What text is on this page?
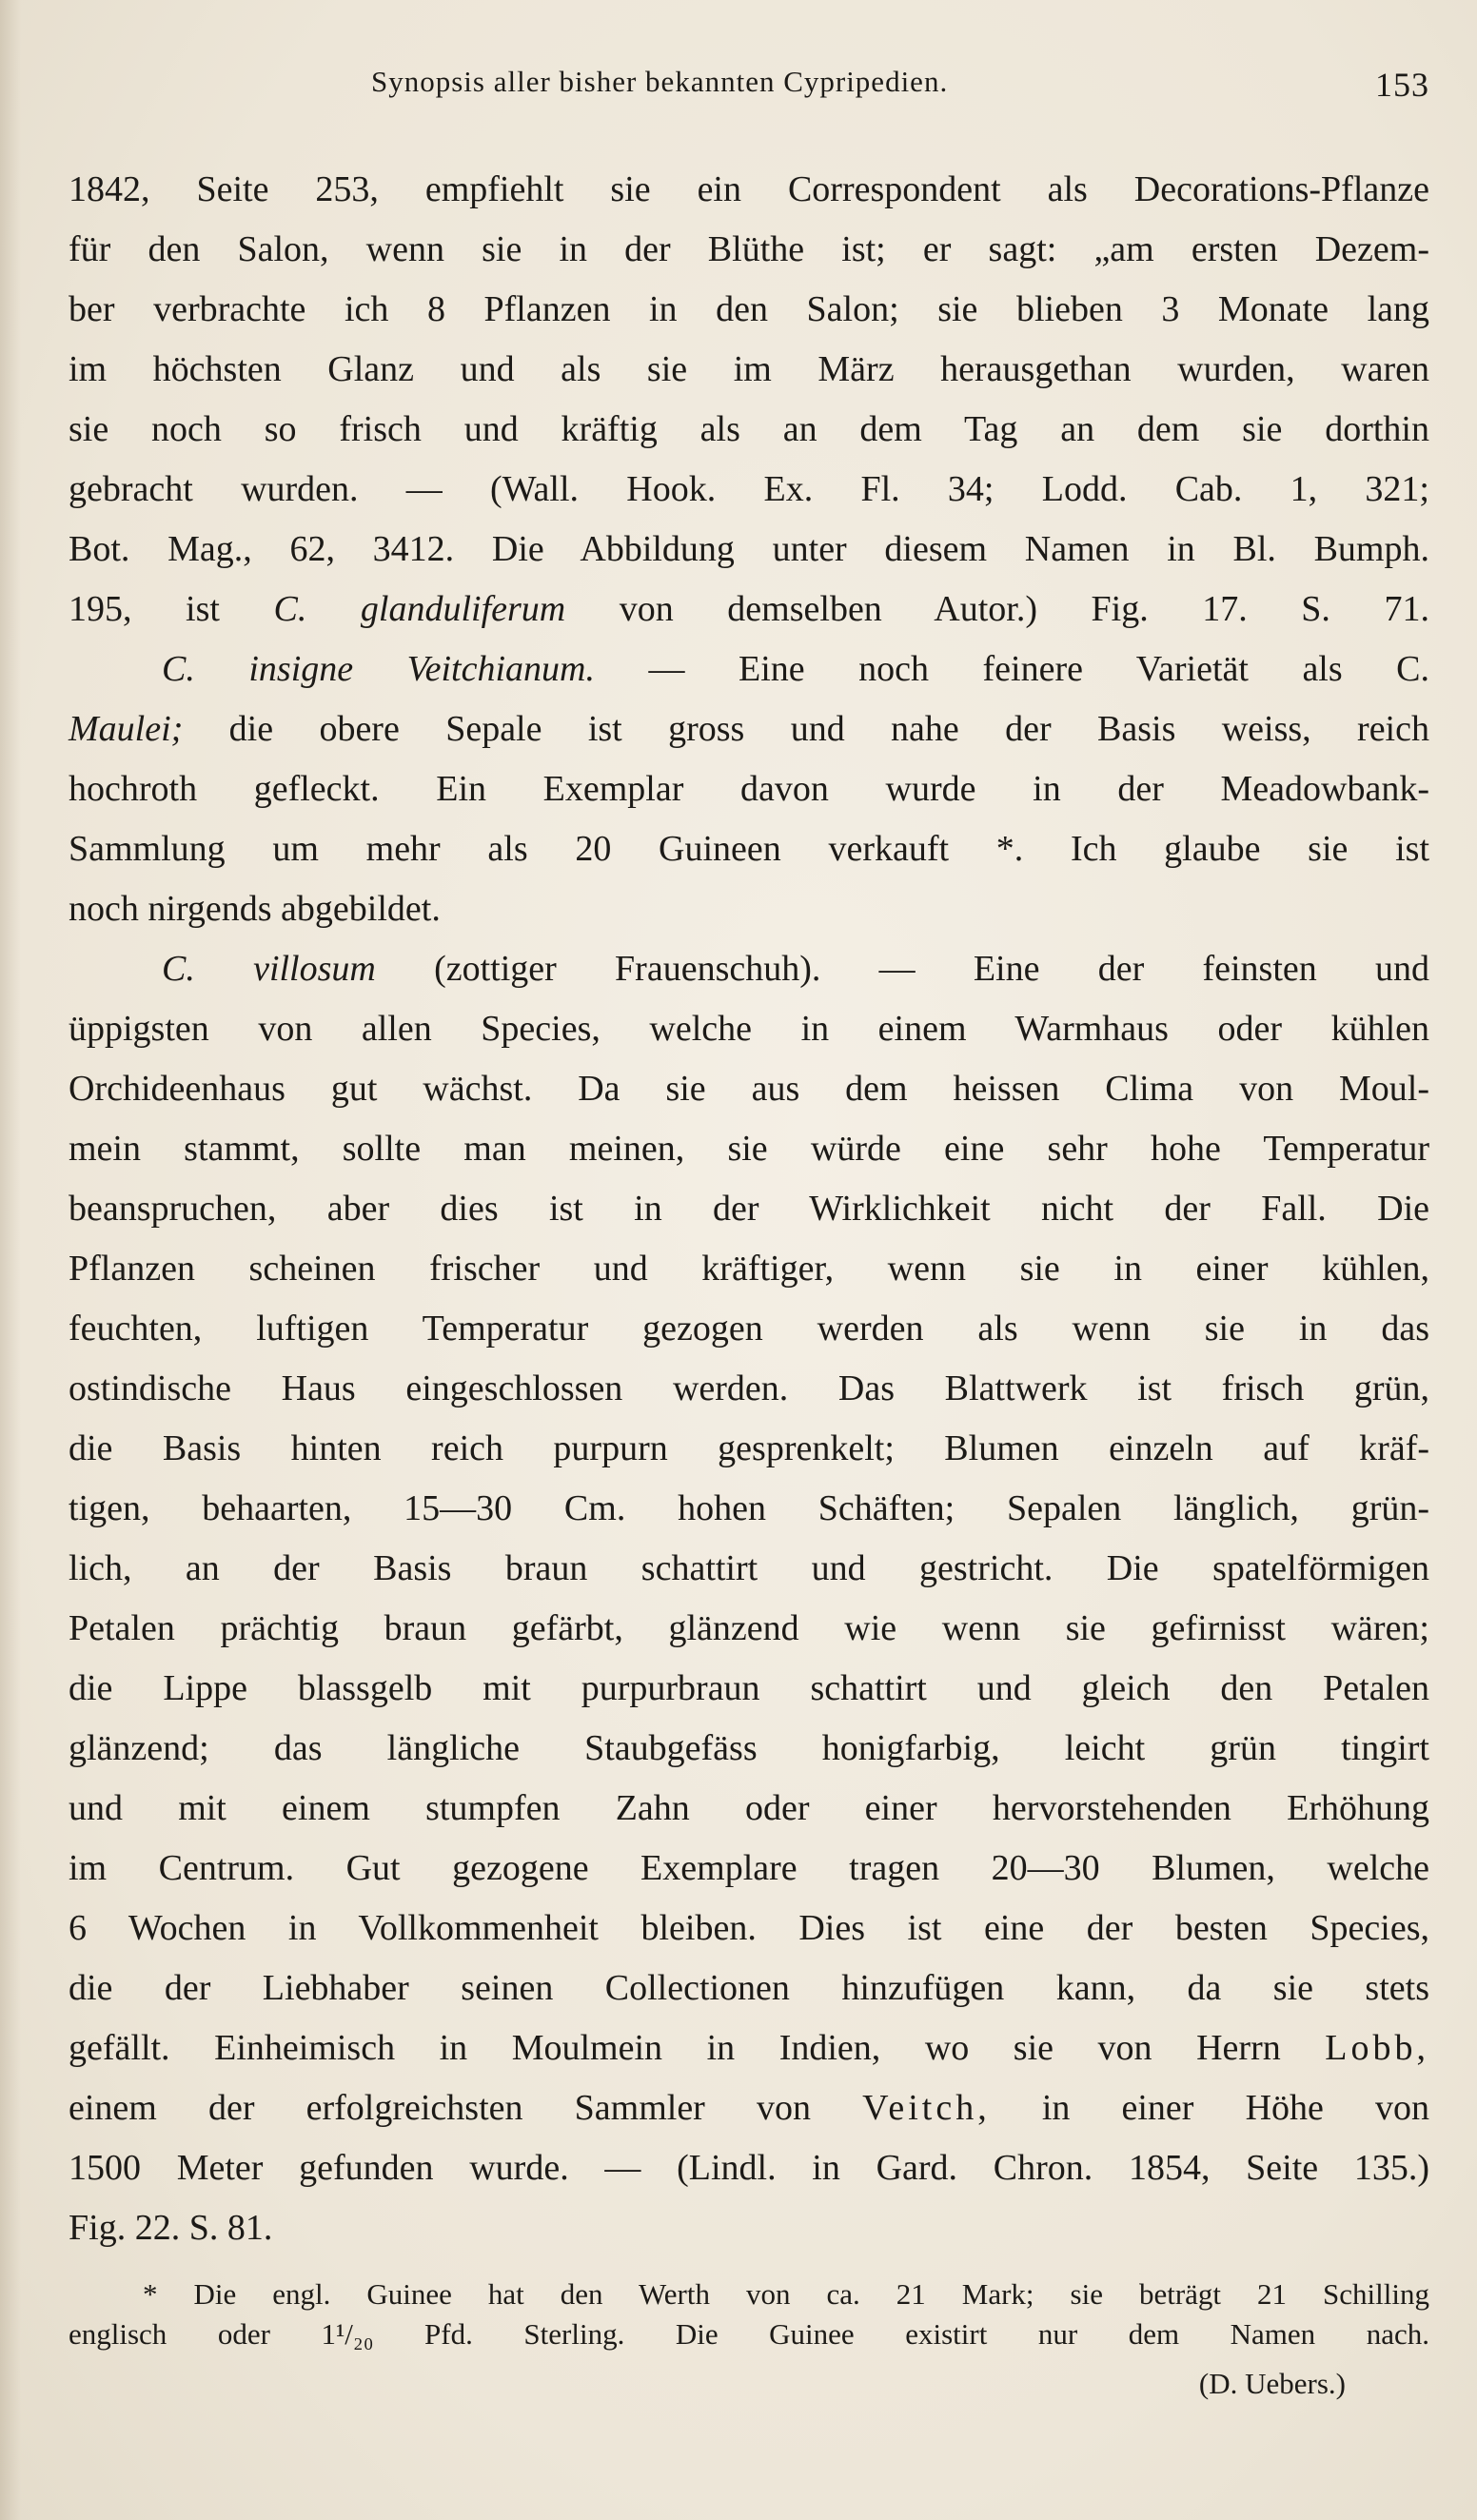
Synopsis aller bisher bekannten Cypripedien.	153
1842, Seite 253, empfiehlt sie ein Correspondent als Decorations-Pflanze
für den Salon, wenn sie in der Blüthe ist; er sagt: „am ersten Dezem-
ber verbrachte ich 8 Pflanzen in den Salon; sie blieben 3 Monate lang
im höchsten Glanz und als sie im März herausgethan wurden, waren
sie noch so frisch und kräftig als an dem Tag an dem sie dorthin
gebracht wurden. — (Wall. Hook. Ex. Fl. 34; Lodd. Cab. 1, 321;
Bot. Mag., 62, 3412. Die Abbildung unter diesem Namen in Bl. Bumph.
195, ist C. glanduliferum von demselben Autor.) Fig. 17. S. 71.
C. insigne Veitchianum. — Eine noch feinere Varietät als C.
Maulei; die obere Sepale ist gross und nahe der Basis weiss, reich
hochroth gefleckt. Ein Exemplar davon wurde in der Meadowbank-
Sammlung um mehr als 20 Guineen verkauft *. Ich glaube sie ist
noch nirgends abgebildet.
C. villosum (zottiger Frauenschuh). — Eine der feinsten und
üppigsten von allen Species, welche in einem Warmhaus oder kühlen
Orchideenhaus gut wächst. Da sie aus dem heissen Clima von Moul-
mein stammt, sollte man meinen, sie würde eine sehr hohe Temperatur
beanspruchen, aber dies ist in der Wirklichkeit nicht der Fall. Die
Pflanzen scheinen frischer und kräftiger, wenn sie in einer kühlen,
feuchten, luftigen Temperatur gezogen werden als wenn sie in das
ostindische Haus eingeschlossen werden. Das Blattwerk ist frisch grün,
die Basis hinten reich purpurn gesprenkelt; Blumen einzeln auf kräf-
tigen, behaarten, 15—30 Cm. hohen Schäften; Sepalen länglich, grün-
lich, an der Basis braun schattirt und gestricht. Die spatelförmigen
Petalen prächtig braun gefärbt, glänzend wie wenn sie gefirnisst wären;
die Lippe blassgelb mit purpurbraun schattirt und gleich den Petalen
glänzend; das längliche Staubgefäss honigfarbig, leicht grün tingirt
und mit einem stumpfen Zahn oder einer hervorstehenden Erhöhung
im Centrum. Gut gezogene Exemplare tragen 20—30 Blumen, welche
6 Wochen in Vollkommenheit bleiben. Dies ist eine der besten Species,
die der Liebhaber seinen Collectionen hinzufügen kann, da sie stets
gefällt. Einheimisch in Moulmein in Indien, wo sie von Herrn Lobb,
einem der erfolgreichsten Sammler von Veitch, in einer Höhe von
1500 Meter gefunden wurde. — (Lindl. in Gard. Chron. 1854, Seite 135.)
Fig. 22. S. 81.
* Die engl. Guinee hat den Werth von ca. 21 Mark; sie beträgt 21 Schilling
englisch oder 1¹/₂₀ Pfd. Sterling. Die Guinee existirt nur dem Namen nach.
(D. Uebers.)
